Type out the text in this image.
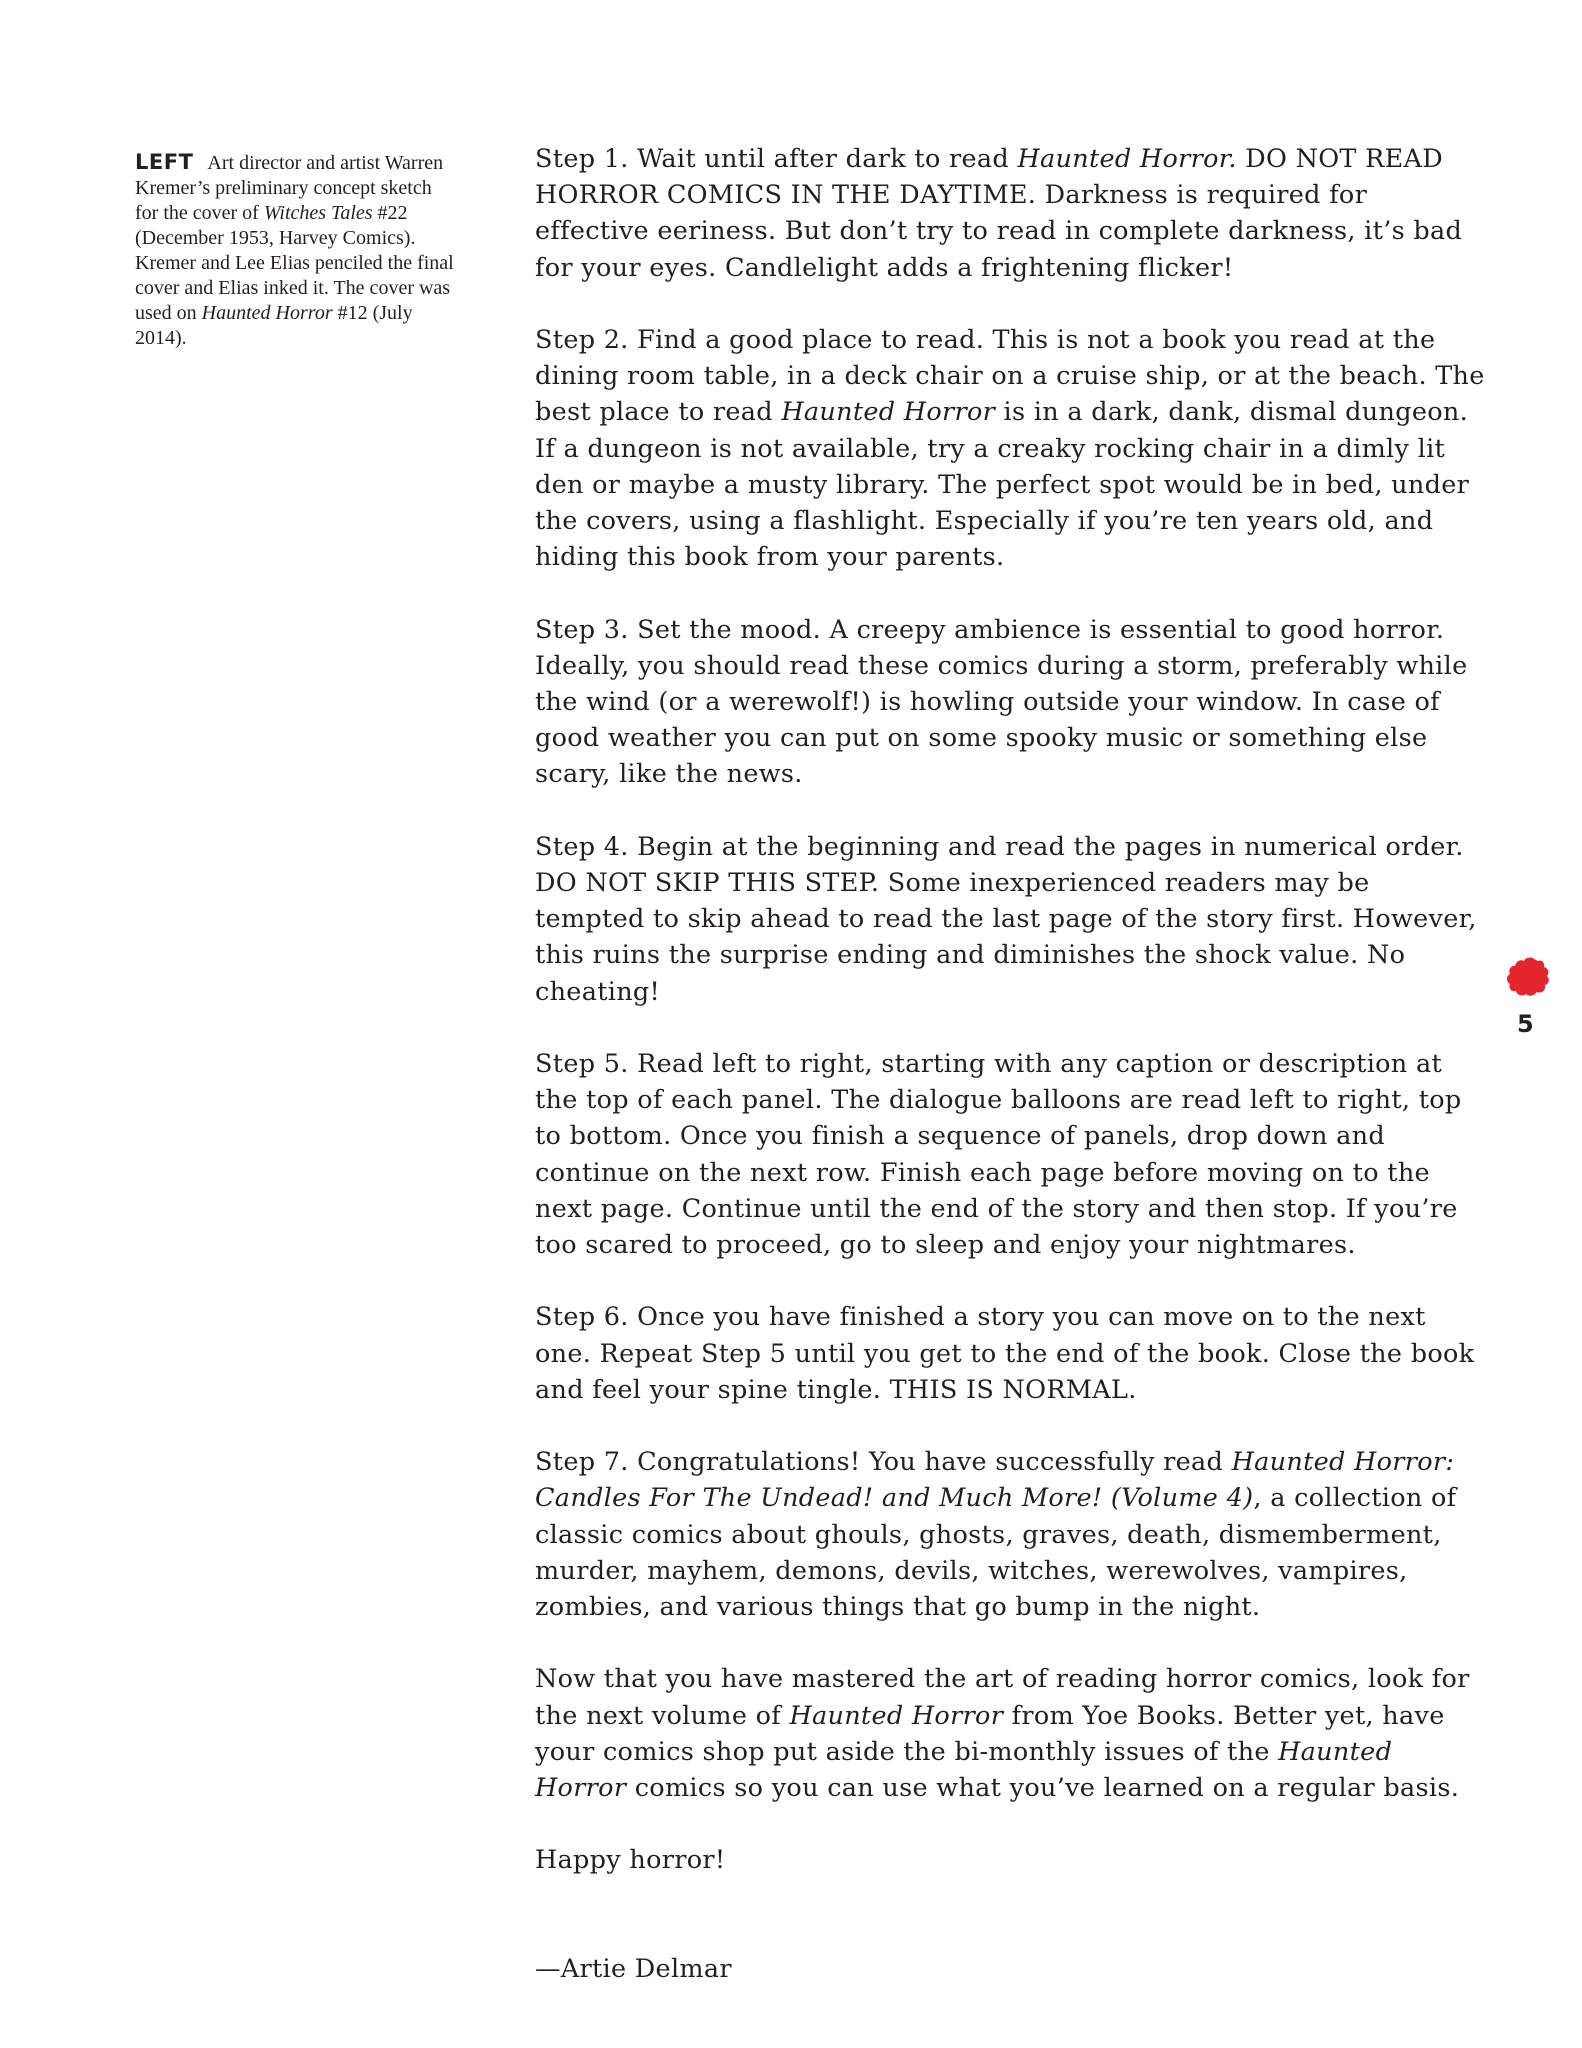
LEFT Art director and artist Warren Kremer’s preliminary concept sketch for the cover of Witches Tales #22 (December 1953, Harvey Comics). Kremer and Lee Elias penciled the final cover and Elias inked it. The cover was used on Haunted Horror #12 (July 2014).

Step 1. Wait until after dark to read Haunted Horror. DO NOT READ HORROR COMICS IN THE DAYTIME. Darkness is required for effective eeriness. But don’t try to read in complete darkness, it’s bad for your eyes. Candlelight adds a frightening flicker!

Step 2. Find a good place to read. This is not a book you read at the dining room table, in a deck chair on a cruise ship, or at the beach. The best place to read Haunted Horror is in a dark, dank, dismal dungeon. If a dungeon is not available, try a creaky rocking chair in a dimly lit den or maybe a musty library. The perfect spot would be in bed, under the covers, using a flashlight. Especially if you’re ten years old, and hiding this book from your parents.

Step 3. Set the mood. A creepy ambience is essential to good horror. Ideally, you should read these comics during a storm, preferably while the wind (or a werewolf!) is howling outside your window. In case of good weather you can put on some spooky music or something else scary, like the news.

Step 4. Begin at the beginning and read the pages in numerical order. DO NOT SKIP THIS STEP. Some inexperienced readers may be tempted to skip ahead to read the last page of the story first. However, this ruins the surprise ending and diminishes the shock value. No cheating!

Step 5. Read left to right, starting with any caption or description at the top of each panel. The dialogue balloons are read left to right, top to bottom. Once you finish a sequence of panels, drop down and continue on the next row. Finish each page before moving on to the next page. Continue until the end of the story and then stop. If you’re too scared to proceed, go to sleep and enjoy your nightmares.

Step 6. Once you have finished a story you can move on to the next one. Repeat Step 5 until you get to the end of the book. Close the book and feel your spine tingle. THIS IS NORMAL.

Step 7. Congratulations! You have successfully read Haunted Horror: Candles For The Undead! and Much More! (Volume 4), a collection of classic comics about ghouls, ghosts, graves, death, dismemberment, murder, mayhem, demons, devils, witches, werewolves, vampires, zombies, and various things that go bump in the night.

Now that you have mastered the art of reading horror comics, look for the next volume of Haunted Horror from Yoe Books. Better yet, have your comics shop put aside the bi-monthly issues of the Haunted Horror comics so you can use what you’ve learned on a regular basis.

Happy horror!

—Artie Delmar

5
